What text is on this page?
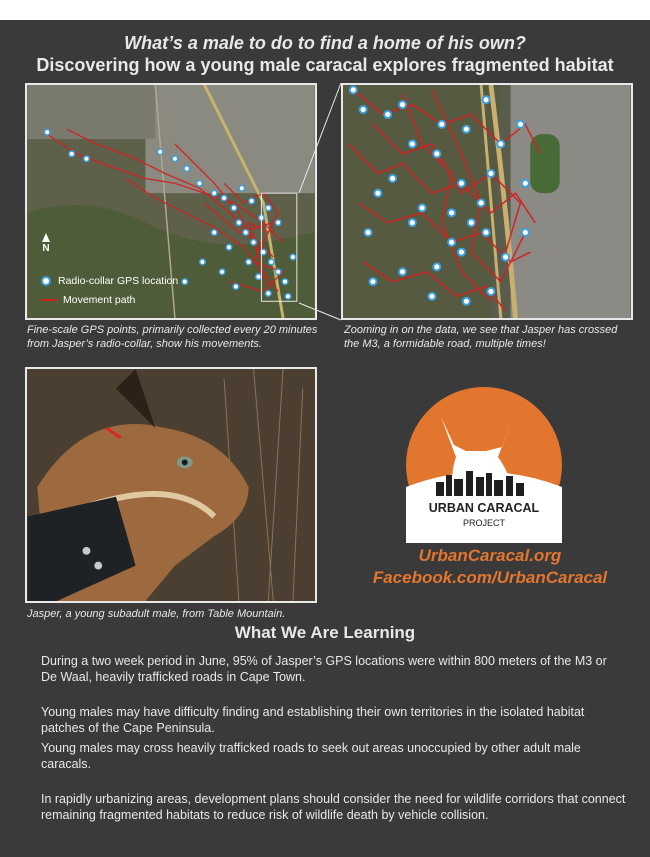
What’s a male to do to find a home of his own?
Discovering how a young male caracal explores fragmented habitat
N
Radio-collar GPS location
Movement path
Fine-scale GPS points, primarily collected every 20 minutes from Jasper’s radio-collar, show his movements.
Zooming in on the data, we see that Jasper has crossed the M3, a formidable road, multiple times!
Jasper, a young subadult male, from Table Mountain.
URBAN CARACAL
PROJECT
UrbanCaracal.org
Facebook.com/UrbanCaracal
What We Are Learning
During a two week period in June, 95% of Jasper’s GPS locations were within 800 meters of the M3 or De Waal, heavily trafficked roads in Cape Town.
Young males may have difficulty finding and establishing their own territories in the isolated habitat patches of the Cape Peninsula.
Young males may cross heavily trafficked roads to seek out areas unoccupied by other adult male caracals.
In rapidly urbanizing areas, development plans should consider the need for wildlife corridors that connect remaining fragmented habitats to reduce risk of wildlife death by vehicle collision.
